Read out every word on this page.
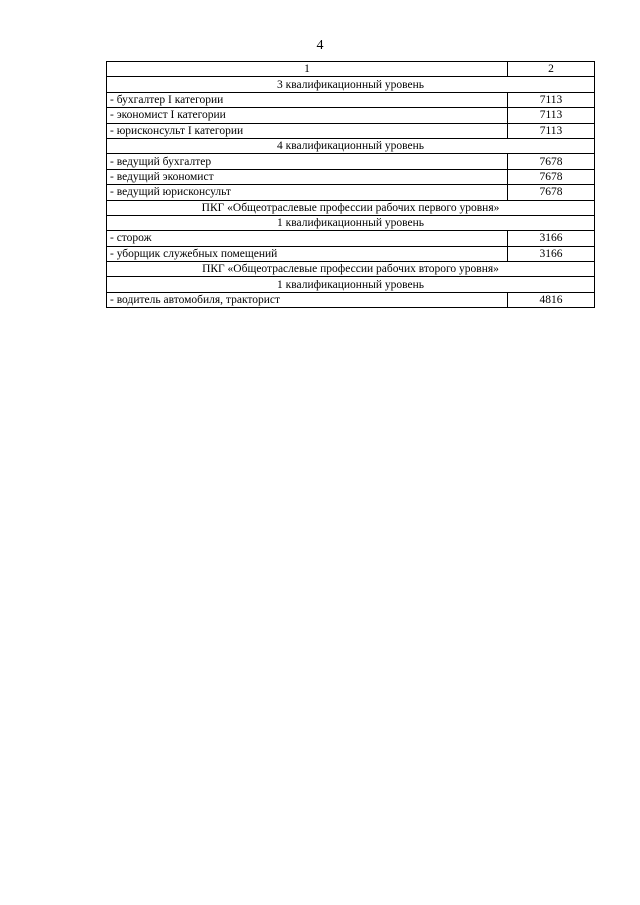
4
1	2
3 квалификационный уровень	
- бухгалтер I категории	7113
- экономист I категории	7113
- юрисконсульт I категории	7113
4 квалификационный уровень	
- ведущий бухгалтер	7678
- ведущий экономист	7678
- ведущий юрисконсульт	7678
ПКГ «Общеотраслевые профессии рабочих первого уровня»	
1 квалификационный уровень	
- сторож	3166
- уборщик служебных помещений	3166
ПКГ «Общеотраслевые профессии рабочих второго уровня»	
1 квалификационный уровень	
- водитель автомобиля, тракторист	4816
